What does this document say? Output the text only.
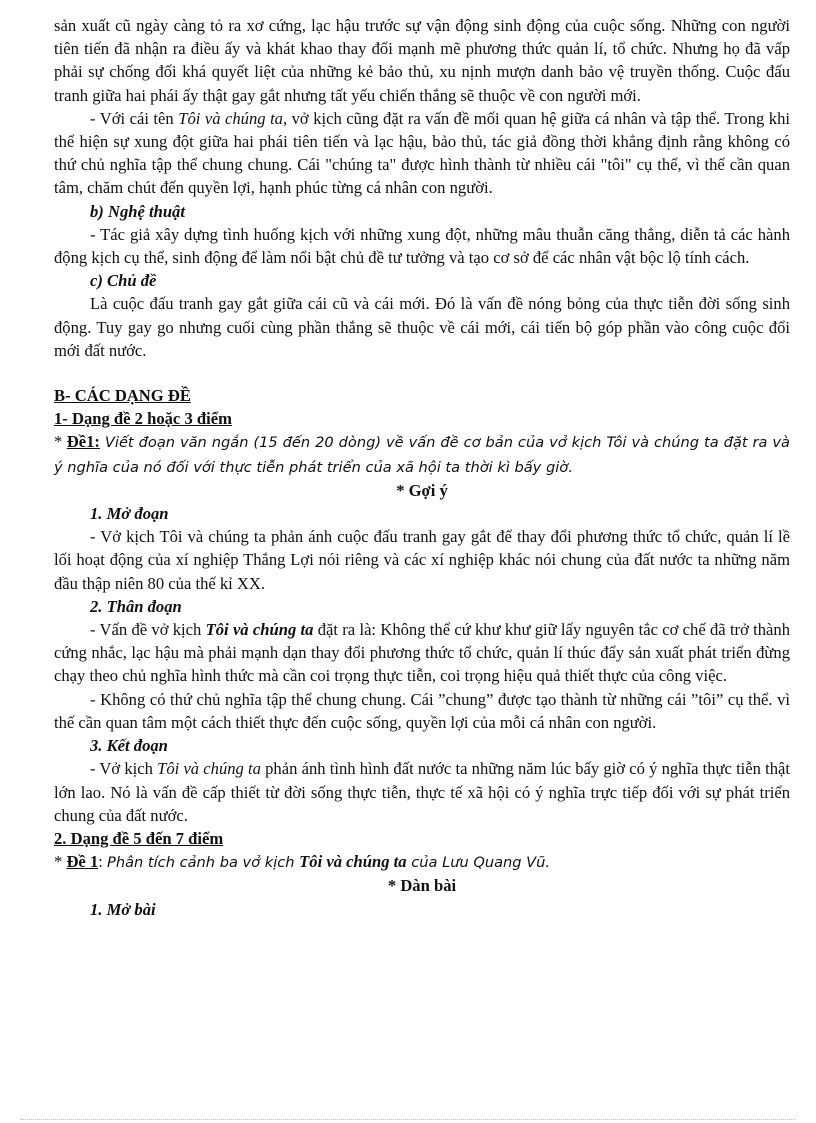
sản xuất cũ ngày càng tỏ ra xơ cứng, lạc hậu trước sự vận động sinh động của cuộc sống. Những con người tiên tiến đã nhận ra điều ấy và khát khao thay đổi mạnh mẽ phương thức quản lí, tổ chức. Nhưng họ đã vấp phải sự chống đối khá quyết liệt của những kẻ bảo thủ, xu nịnh mượn danh bảo vệ truyền thống. Cuộc đấu tranh giữa hai phái ấy thật gay gắt nhưng tất yếu chiến thắng sẽ thuộc về con người mới.

- Với cái tên Tôi và chúng ta, vở kịch cũng đặt ra vấn đề mối quan hệ giữa cá nhân và tập thể. Trong khi thể hiện sự xung đột giữa hai phái tiên tiến và lạc hậu, bảo thủ, tác giả đồng thời khẳng định rằng không có thứ chủ nghĩa tập thể chung chung. Cái "chúng ta" được hình thành từ nhiều cái "tôi" cụ thể, vì thế cần quan tâm, chăm chút đến quyền lợi, hạnh phúc từng cá nhân con người.

b) Nghệ thuật

- Tác giả xây dựng tình huống kịch với những xung đột, những mâu thuẫn căng thẳng, diễn tả các hành động kịch cụ thể, sinh động để làm nổi bật chủ đề tư tưởng và tạo cơ sở để các nhân vật bộc lộ tính cách.

c) Chủ đề

Là cuộc đấu tranh gay gắt giữa cái cũ và cái mới. Đó là vấn đề nóng bỏng của thực tiễn đời sống sinh động. Tuy gay go nhưng cuối cùng phần thắng sẽ thuộc về cái mới, cái tiến bộ góp phần vào công cuộc đổi mới đất nước.

B- CÁC DẠNG ĐỀ

1- Dạng đề 2 hoặc 3 điểm

* Đề1: Viết đoạn văn ngắn (15 đến 20 dòng) về vấn đề cơ bản của vở kịch Tôi và chúng ta đặt ra và ý nghĩa của nó đối với thực tiễn phát triển của xã hội ta thời kì bấy giờ.

* Gợi ý

1. Mở đoạn

- Vở kịch Tôi và chúng ta phản ánh cuộc đấu tranh gay gắt để thay đổi phương thức tổ chức, quản lí lề lối hoạt động của xí nghiệp Thắng Lợi nói riêng và các xí nghiệp khác nói chung của đất nước ta những năm đầu thập niên 80 của thế kỉ XX.

2. Thân đoạn

- Vấn đề vở kịch Tôi và chúng ta đặt ra là: Không thể cứ khư khư giữ lấy nguyên tắc cơ chế đã trở thành cứng nhắc, lạc hậu mà phải mạnh dạn thay đổi phương thức tổ chức, quản lí thúc đẩy sản xuất phát triển đừng chạy theo chủ nghĩa hình thức mà cần coi trọng thực tiễn, coi trọng hiệu quả thiết thực của công việc.

- Không có thứ chủ nghĩa tập thể chung chung. Cái ”chung” được tạo thành từ những cái ”tôi” cụ thể. vì thế cần quan tâm một cách thiết thực đến cuộc sống, quyền lợi của mỗi cá nhân con người.

3. Kết đoạn

- Vở kịch Tôi và chúng ta phản ánh tình hình đất nước ta những năm lúc bấy giờ có ý nghĩa thực tiễn thật lớn lao. Nó là vấn đề cấp thiết từ đời sống thực tiễn, thực tế xã hội có ý nghĩa trực tiếp đối với sự phát triển chung của đất nước.

2. Dạng đề 5 đến 7 điểm

* Đề 1: Phân tích cảnh ba vở kịch Tôi và chúng ta của Lưu Quang Vũ.

* Dàn bài

1. Mở bài
